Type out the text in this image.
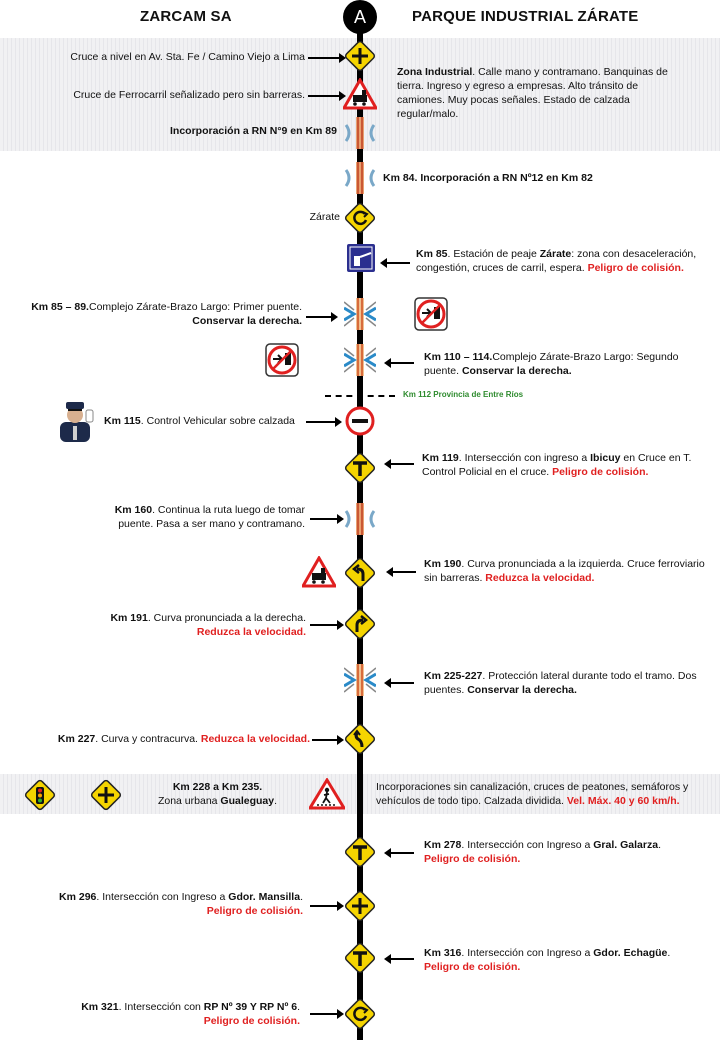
ZARCAM SA	PARQUE INDUSTRIAL ZÁRATE
A
Cruce a nivel en Av. Sta. Fe / Camino Viejo a Lima
Cruce de Ferrocarril señalizado pero sin barreras.
Incorporación a RN N°9 en Km 89
Zona Industrial. Calle mano y contramano. Banquinas de tierra. Ingreso y egreso a empresas. Alto tránsito de camiones. Muy pocas señales. Estado de calzada regular/malo.
Km 84. Incorporación a RN Nº12 en Km 82
Zárate
Km 85. Estación de peaje Zárate: zona con desaceleración, congestión, cruces de carril, espera. Peligro de colisión.
Km 85 – 89.Complejo Zárate-Brazo Largo: Primer puente.
Conservar la derecha.
Km 110 – 114.Complejo Zárate-Brazo Largo: Segundo puente. Conservar la derecha.
Km 112 Provincia de Entre Ríos
Km 115. Control Vehicular sobre calzada
Km 119. Intersección con ingreso a Ibicuy en Cruce en T. Control Policial en el cruce. Peligro de colisión.
Km 160. Continua la ruta luego de tomar puente. Pasa a ser mano y contramano.
Km 190. Curva pronunciada a la izquierda. Cruce ferroviario sin barreras. Reduzca la velocidad.
Km 191. Curva pronunciada a la derecha.
Reduzca la velocidad.
Km 225-227. Protección lateral durante todo el tramo. Dos puentes. Conservar la derecha.
Km 227. Curva y contracurva. Reduzca la velocidad.
Km 228 a Km 235.
Zona urbana Gualeguay.
Incorporaciones sin canalización, cruces de peatones, semáforos y vehículos de todo tipo. Calzada dividida. Vel. Máx. 40 y 60 km/h.
Km 278. Intersección con Ingreso a Gral. Galarza.
Peligro de colisión.
Km 296. Intersección con Ingreso a Gdor. Mansilla.
Peligro de colisión.
Km 316. Intersección con Ingreso a Gdor. Echagüe.
Peligro de colisión.
Km 321. Intersección con RP Nº 39 Y RP Nº 6.
Peligro de colisión.
